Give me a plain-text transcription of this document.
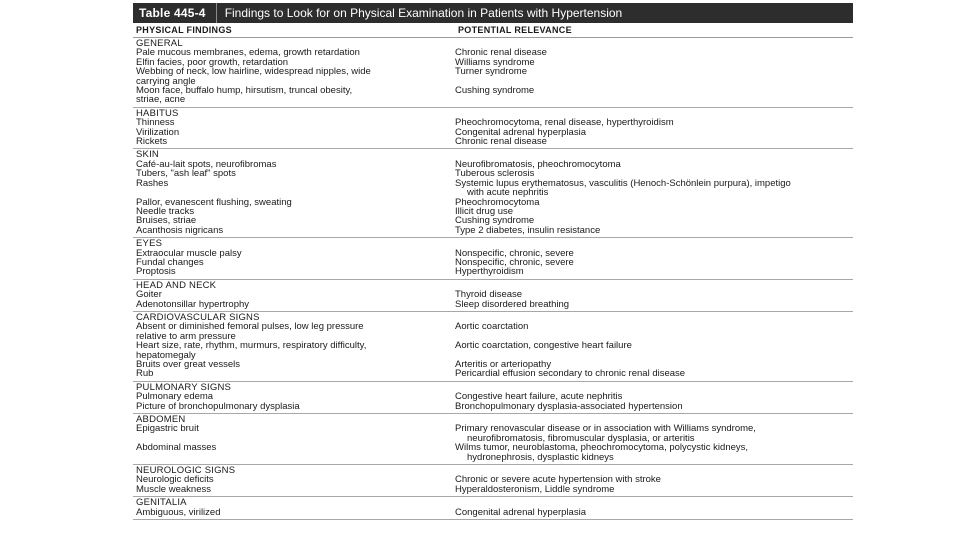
Table 445-4	Findings to Look for on Physical Examination in Patients with Hypertension
PHYSICAL FINDINGS	POTENTIAL RELEVANCE
GENERAL
Pale mucous membranes, edema, growth retardation	Chronic renal disease
Elfin facies, poor growth, retardation	Williams syndrome
Webbing of neck, low hairline, widespread nipples, wide	Turner syndrome
carrying angle
Moon face, buffalo hump, hirsutism, truncal obesity,	Cushing syndrome
striae, acne
HABITUS
Thinness	Pheochromocytoma, renal disease, hyperthyroidism
Virilization	Congenital adrenal hyperplasia
Rickets	Chronic renal disease
SKIN
Café-au-lait spots, neurofibromas	Neurofibromatosis, pheochromocytoma
Tubers, "ash leaf" spots	Tuberous sclerosis
Rashes	Systemic lupus erythematosus, vasculitis (Henoch-Schönlein purpura), impetigo
with acute nephritis
Pallor, evanescent flushing, sweating	Pheochromocytoma
Needle tracks	Illicit drug use
Bruises, striae	Cushing syndrome
Acanthosis nigricans	Type 2 diabetes, insulin resistance
EYES
Extraocular muscle palsy	Nonspecific, chronic, severe
Fundal changes	Nonspecific, chronic, severe
Proptosis	Hyperthyroidism
HEAD AND NECK
Goiter	Thyroid disease
Adenotonsillar hypertrophy	Sleep disordered breathing
CARDIOVASCULAR SIGNS
Absent or diminished femoral pulses, low leg pressure	Aortic coarctation
relative to arm pressure
Heart size, rate, rhythm, murmurs, respiratory difficulty,	Aortic coarctation, congestive heart failure
hepatomegaly
Bruits over great vessels	Arteritis or arteriopathy
Rub	Pericardial effusion secondary to chronic renal disease
PULMONARY SIGNS
Pulmonary edema	Congestive heart failure, acute nephritis
Picture of bronchopulmonary dysplasia	Bronchopulmonary dysplasia-associated hypertension
ABDOMEN
Epigastric bruit	Primary renovascular disease or in association with Williams syndrome,
neurofibromatosis, fibromuscular dysplasia, or arteritis
Abdominal masses	Wilms tumor, neuroblastoma, pheochromocytoma, polycystic kidneys,
hydronephrosis, dysplastic kidneys
NEUROLOGIC SIGNS
Neurologic deficits	Chronic or severe acute hypertension with stroke
Muscle weakness	Hyperaldosteronism, Liddle syndrome
GENITALIA
Ambiguous, virilized	Congenital adrenal hyperplasia
